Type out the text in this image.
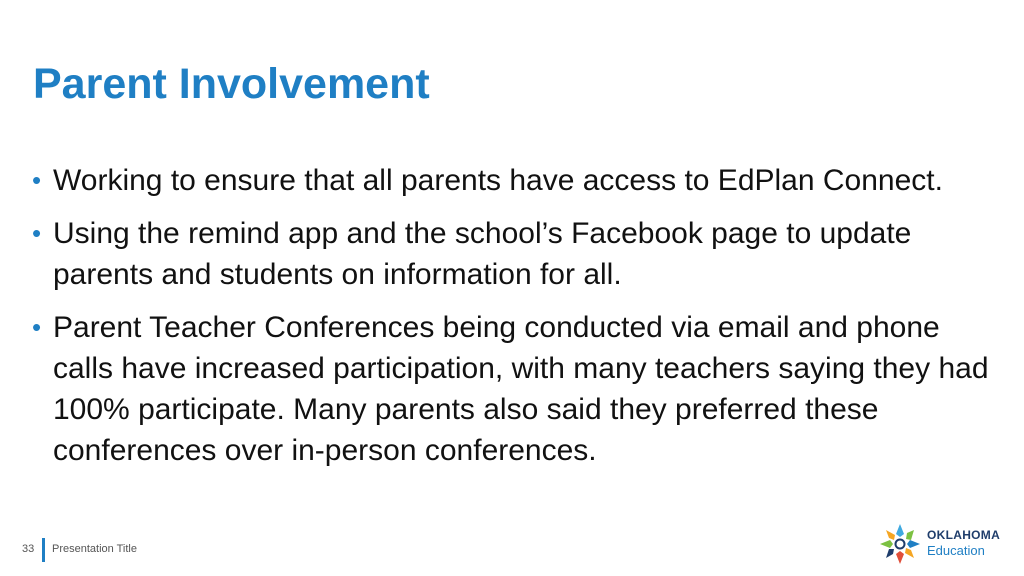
Parent Involvement
• Working to ensure that all parents have access to EdPlan Connect.
• Using the remind app and the school’s Facebook page to update parents and students on information for all.
• Parent Teacher Conferences being conducted via email and phone calls have increased participation, with many teachers saying they had 100% participate. Many parents also said they preferred these conferences over in-person conferences.
33 Presentation Title
OKLAHOMA
Education
